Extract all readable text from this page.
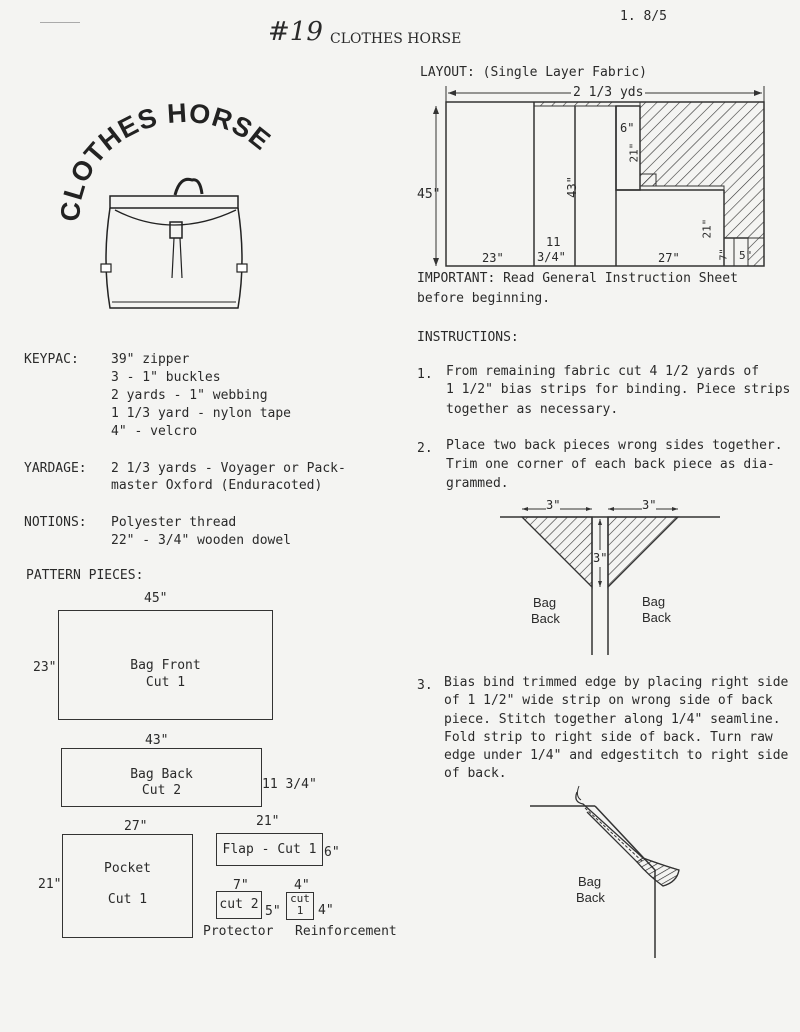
1. 8/5
#19 CLOTHES HORSE
CLOTHES HORSE
KEYPAC: 39" zipper
3 - 1" buckles
2 yards - 1" webbing
1 1/3 yard - nylon tape
4" - velcro
YARDAGE: 2 1/3 yards - Voyager or Pack-
master Oxford (Enduracoted)
NOTIONS: Polyester thread
22" - 3/4" wooden dowel
PATTERN PIECES:
45"
23"	Bag Front
Cut 1
43"
Bag Back
Cut 2	11 3/4"
27"
21"
Pocket
Cut 1
21"
Flap - Cut 1 6"
7"
cut 2 5"
4"
cut
1	4"
Protector Reinforcement
LAYOUT: (Single Layer Fabric)
2 1/3 yds
45"
23"
43"
11
3/4"
6"
21"
27"
21"
7" 5"
IMPORTANT: Read General Instruction Sheet
before beginning.
INSTRUCTIONS:
1. From remaining fabric cut 4 1/2 yards of
1 1/2" bias strips for binding. Piece strips
together as necessary.
2. Place two back pieces wrong sides together.
Trim one corner of each back piece as dia-
grammed.
3"	3"
3"
Bag
Back
Bag
Back
3. Bias bind trimmed edge by placing right side
of 1 1/2" wide strip on wrong side of back
piece. Stitch together along 1/4" seamline.
Fold strip to right side of back. Turn raw
edge under 1/4" and edgestitch to right side
of back.
Bag
Back
